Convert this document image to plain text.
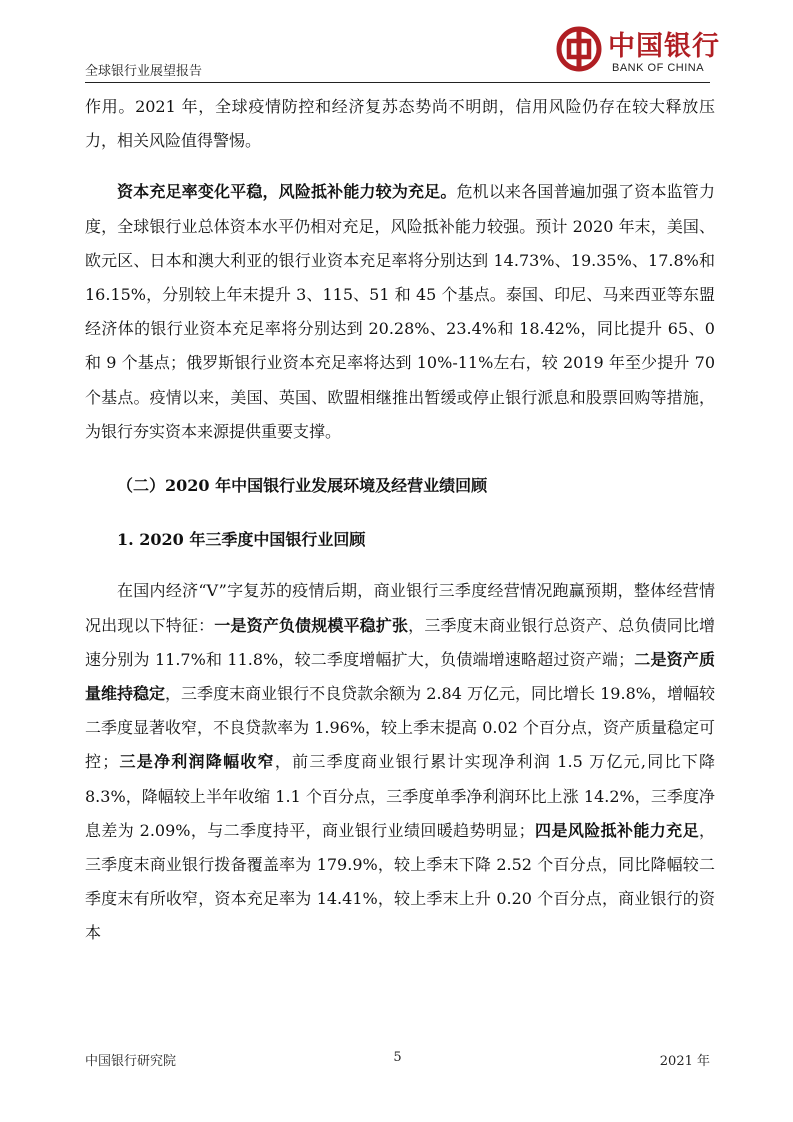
全球银行业展望报告
中国银行
BANK OF CHINA

作用。2021 年，全球疫情防控和经济复苏态势尚不明朗，信用风险仍存在较大释放压力，相关风险值得警惕。

资本充足率变化平稳，风险抵补能力较为充足。危机以来各国普遍加强了资本监管力度，全球银行业总体资本水平仍相对充足，风险抵补能力较强。预计 2020 年末，美国、欧元区、日本和澳大利亚的银行业资本充足率将分别达到 14.73%、19.35%、17.8%和 16.15%，分别较上年末提升 3、115、51 和 45 个基点。泰国、印尼、马来西亚等东盟经济体的银行业资本充足率将分别达到 20.28%、23.4%和 18.42%，同比提升 65、0 和 9 个基点；俄罗斯银行业资本充足率将达到 10%-11%左右，较 2019 年至少提升 70 个基点。疫情以来，美国、英国、欧盟相继推出暂缓或停止银行派息和股票回购等措施，为银行夯实资本来源提供重要支撑。

（二）2020 年中国银行业发展环境及经营业绩回顾

1. 2020 年三季度中国银行业回顾

在国内经济“V”字复苏的疫情后期，商业银行三季度经营情况跑赢预期，整体经营情况出现以下特征：一是资产负债规模平稳扩张，三季度末商业银行总资产、总负债同比增速分别为 11.7%和 11.8%，较二季度增幅扩大，负债端增速略超过资产端；二是资产质量维持稳定，三季度末商业银行不良贷款余额为 2.84 万亿元，同比增长 19.8%，增幅较二季度显著收窄，不良贷款率为 1.96%，较上季末提高 0.02 个百分点，资产质量稳定可控；三是净利润降幅收窄，前三季度商业银行累计实现净利润 1.5 万亿元,同比下降 8.3%，降幅较上半年收缩 1.1 个百分点，三季度单季净利润环比上涨 14.2%，三季度净息差为 2.09%，与二季度持平，商业银行业绩回暖趋势明显；四是风险抵补能力充足，三季度末商业银行拨备覆盖率为 179.9%，较上季末下降 2.52 个百分点，同比降幅较二季度末有所收窄，资本充足率为 14.41%，较上季末上升 0.20 个百分点，商业银行的资本

中国银行研究院	5	2021 年
